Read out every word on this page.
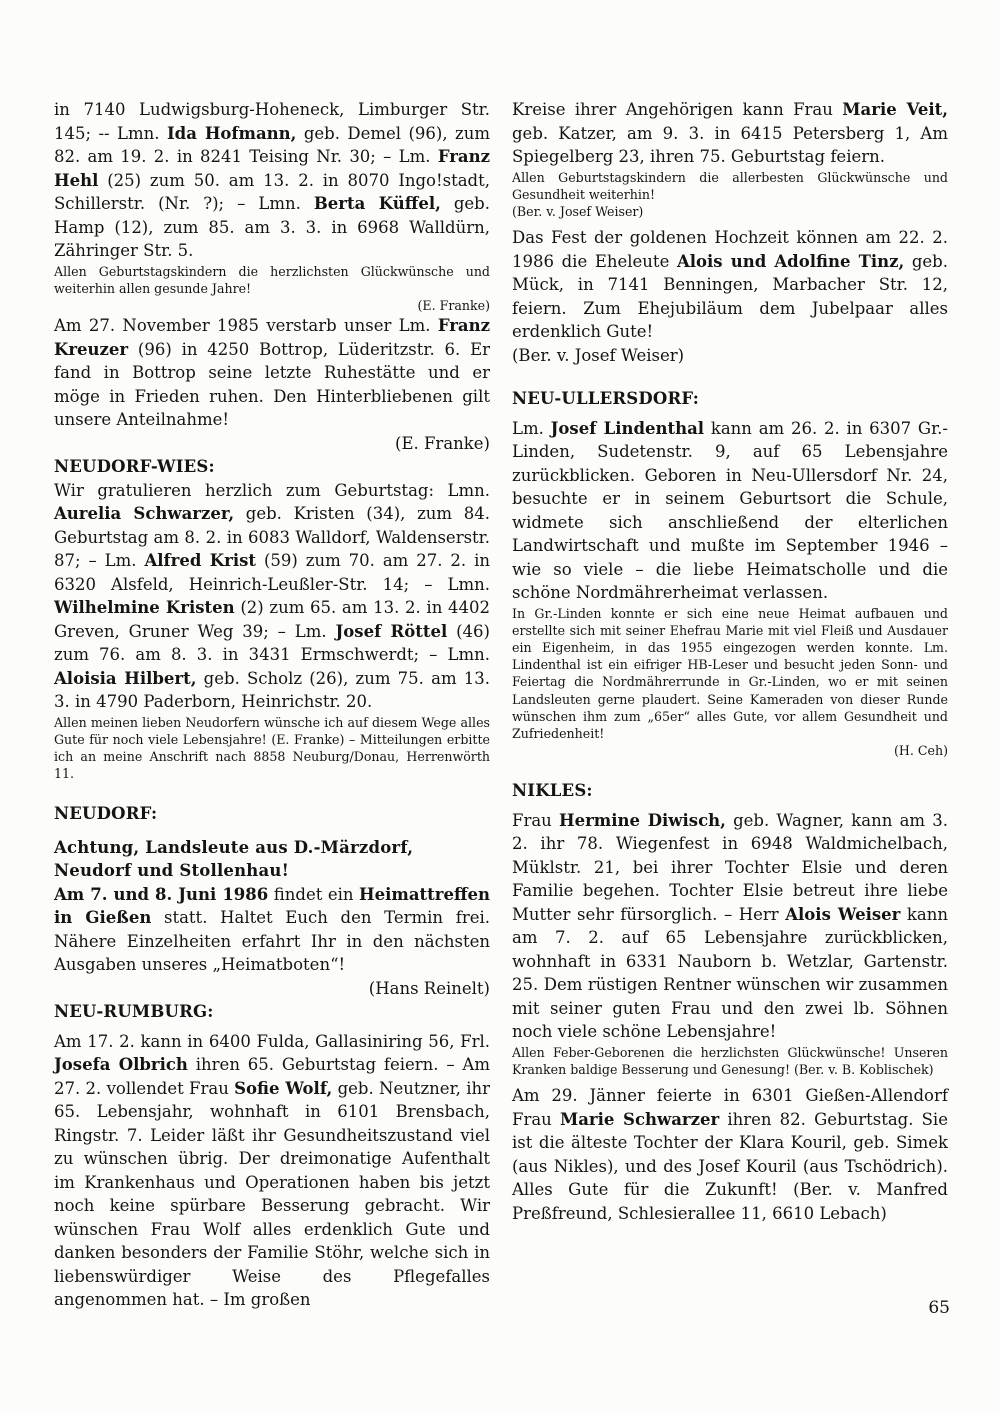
in 7140 Ludwigsburg-Hoheneck, Limburger Str. 145; -- Lmn. Ida Hofmann, geb. Demel (96), zum 82. am 19. 2. in 8241 Teising Nr. 30; – Lm. Franz Hehl (25) zum 50. am 13. 2. in 8070 Ingo!stadt, Schillerstr. (Nr. ?); – Lmn. Berta Küffel, geb. Hamp (12), zum 85. am 3. 3. in 6968 Walldürn, Zähringer Str. 5.

Allen Geburtstagskindern die herzlichsten Glückwünsche und weiterhin allen gesunde Jahre!

(E. Franke)

Am 27. November 1985 verstarb unser Lm. Franz Kreuzer (96) in 4250 Bottrop, Lüderitzstr. 6. Er fand in Bottrop seine letzte Ruhestätte und er möge in Frieden ruhen. Den Hinterbliebenen gilt unsere Anteilnahme!

(E. Franke)

NEUDORF-WIES:

Wir gratulieren herzlich zum Geburtstag: Lmn. Aurelia Schwarzer, geb. Kristen (34), zum 84. Geburtstag am 8. 2. in 6083 Walldorf, Waldenserstr. 87; – Lm. Alfred Krist (59) zum 70. am 27. 2. in 6320 Alsfeld, Heinrich-Leußler-Str. 14; – Lmn. Wilhelmine Kristen (2) zum 65. am 13. 2. in 4402 Greven, Gruner Weg 39; – Lm. Josef Röttel (46) zum 76. am 8. 3. in 3431 Ermschwerdt; – Lmn. Aloisia Hilbert, geb. Scholz (26), zum 75. am 13. 3. in 4790 Paderborn, Heinrichstr. 20.

Allen meinen lieben Neudorfern wünsche ich auf diesem Wege alles Gute für noch viele Lebensjahre! (E. Franke) – Mitteilungen erbitte ich an meine Anschrift nach 8858 Neuburg/Donau, Herrenwörth 11.

NEUDORF:

Achtung, Landsleute aus D.-Märzdorf, Neudorf und Stollenhau!

Am 7. und 8. Juni 1986 findet ein Heimattreffen in Gießen statt. Haltet Euch den Termin frei. Nähere Einzelheiten erfahrt Ihr in den nächsten Ausgaben unseres „Heimatboten“!

(Hans Reinelt)

NEU-RUMBURG:

Am 17. 2. kann in 6400 Fulda, Gallasiniring 56, Frl. Josefa Olbrich ihren 65. Geburtstag feiern. – Am 27. 2. vollendet Frau Sofie Wolf, geb. Neutzner, ihr 65. Lebensjahr, wohnhaft in 6101 Brensbach, Ringstr. 7. Leider läßt ihr Gesundheitszustand viel zu wünschen übrig. Der dreimonatige Aufenthalt im Krankenhaus und Operationen haben bis jetzt noch keine spürbare Besserung gebracht. Wir wünschen Frau Wolf alles erdenklich Gute und danken besonders der Familie Stöhr, welche sich in liebenswürdiger Weise des Pflegefalles angenommen hat. – Im großen

Kreise ihrer Angehörigen kann Frau Marie Veit, geb. Katzer, am 9. 3. in 6415 Petersberg 1, Am Spiegelberg 23, ihren 75. Geburtstag feiern.

Allen Geburtstagskindern die allerbesten Glückwünsche und Gesundheit weiterhin!

(Ber. v. Josef Weiser)

Das Fest der goldenen Hochzeit können am 22. 2. 1986 die Eheleute Alois und Adolfine Tinz, geb. Mück, in 7141 Benningen, Marbacher Str. 12, feiern. Zum Ehejubiläum dem Jubelpaar alles erdenklich Gute!

(Ber. v. Josef Weiser)

NEU-ULLERSDORF:

Lm. Josef Lindenthal kann am 26. 2. in 6307 Gr.-Linden, Sudetenstr. 9, auf 65 Lebensjahre zurückblicken. Geboren in Neu-Ullersdorf Nr. 24, besuchte er in seinem Geburtsort die Schule, widmete sich anschließend der elterlichen Landwirtschaft und mußte im September 1946 – wie so viele – die liebe Heimatscholle und die schöne Nordmährerheimat verlassen.

In Gr.-Linden konnte er sich eine neue Heimat aufbauen und erstellte sich mit seiner Ehefrau Marie mit viel Fleiß und Ausdauer ein Eigenheim, in das 1955 eingezogen werden konnte. Lm. Lindenthal ist ein eifriger HB-Leser und besucht jeden Sonn- und Feiertag die Nordmährerrunde in Gr.-Linden, wo er mit seinen Landsleuten gerne plaudert. Seine Kameraden von dieser Runde wünschen ihm zum „65er“ alles Gute, vor allem Gesundheit und Zufriedenheit!

(H. Ceh)

NIKLES:

Frau Hermine Diwisch, geb. Wagner, kann am 3. 2. ihr 78. Wiegenfest in 6948 Waldmichelbach, Müklstr. 21, bei ihrer Tochter Elsie und deren Familie begehen. Tochter Elsie betreut ihre liebe Mutter sehr fürsorglich. – Herr Alois Weiser kann am 7. 2. auf 65 Lebensjahre zurückblicken, wohnhaft in 6331 Nauborn b. Wetzlar, Gartenstr. 25. Dem rüstigen Rentner wünschen wir zusammen mit seiner guten Frau und den zwei lb. Söhnen noch viele schöne Lebensjahre!

Allen Feber-Geborenen die herzlichsten Glückwünsche! Unseren Kranken baldige Besserung und Genesung! (Ber. v. B. Koblischek)

Am 29. Jänner feierte in 6301 Gießen-Allendorf Frau Marie Schwarzer ihren 82. Geburtstag. Sie ist die älteste Tochter der Klara Kouril, geb. Simek (aus Nikles), und des Josef Kouril (aus Tschödrich). Alles Gute für die Zukunft! (Ber. v. Manfred Preßfreund, Schlesierallee 11, 6610 Lebach)

65
